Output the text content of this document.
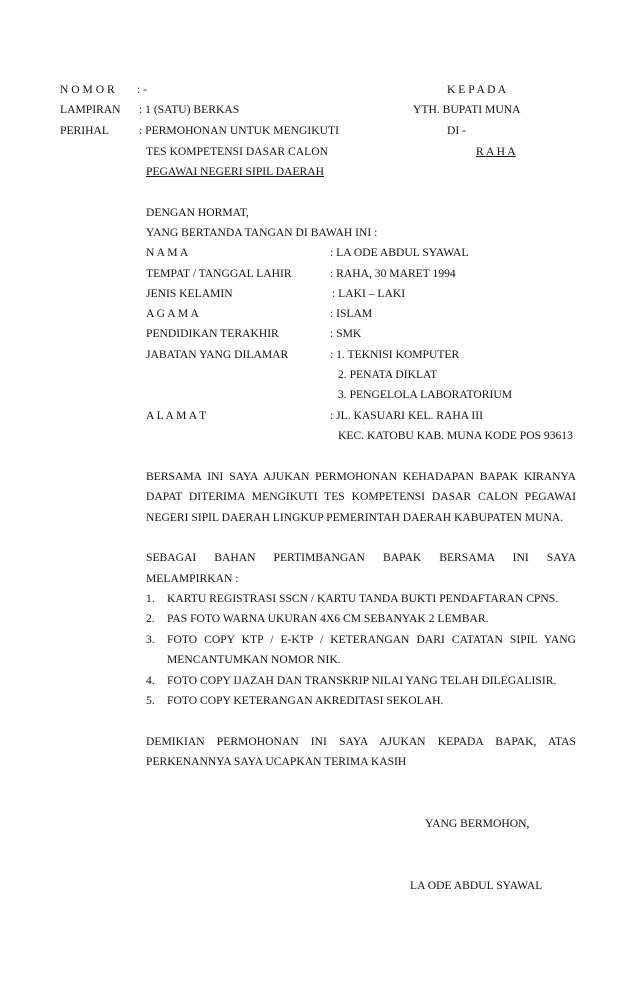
N O M O R : -	K E P A D A
LAMPIRAN : 1 (SATU) BERKAS	YTH. BUPATI MUNA
PERIHAL	: PERMOHONAN UNTUK MENGIKUTI	DI -
TES KOMPETENSI DASAR CALON	R A H A
PEGAWAI NEGERI SIPIL DAERAH
DENGAN HORMAT,
YANG BERTANDA TANGAN DI BAWAH INI :
N A M A	: LA ODE ABDUL SYAWAL
TEMPAT / TANGGAL LAHIR	: RAHA, 30 MARET 1994
JENIS KELAMIN	: LAKI – LAKI
A G A M A	: ISLAM
PENDIDIKAN TERAKHIR	: SMK
JABATAN YANG DILAMAR	: 1. TEKNISI KOMPUTER
2. PENATA DIKLAT
3. PENGELOLA LABORATORIUM
A L A M A T	: JL. KASUARI KEL. RAHA III
KEC. KATOBU KAB. MUNA KODE POS 93613
BERSAMA INI SAYA AJUKAN PERMOHONAN KEHADAPAN BAPAK KIRANYA
DAPAT DITERIMA MENGIKUTI TES KOMPETENSI DASAR CALON PEGAWAI
NEGERI SIPIL DAERAH LINGKUP PEMERINTAH DAERAH KABUPATEN MUNA.
SEBAGAI BAHAN PERTIMBANGAN BAPAK BERSAMA INI SAYA
MELAMPIRKAN :
1. KARTU REGISTRASI SSCN / KARTU TANDA BUKTI PENDAFTARAN CPNS.
2. PAS FOTO WARNA UKURAN 4X6 CM SEBANYAK 2 LEMBAR.
3. FOTO COPY KTP / E-KTP / KETERANGAN DARI CATATAN SIPIL YANG
MENCANTUMKAN NOMOR NIK.
4. FOTO COPY IJAZAH DAN TRANSKRIP NILAI YANG TELAH DILEGALISIR.
5. FOTO COPY KETERANGAN AKREDITASI SEKOLAH.
DEMIKIAN PERMOHONAN INI SAYA AJUKAN KEPADA BAPAK, ATAS
PERKENANNYA SAYA UCAPKAN TERIMA KASIH
YANG BERMOHON,
LA ODE ABDUL SYAWAL
